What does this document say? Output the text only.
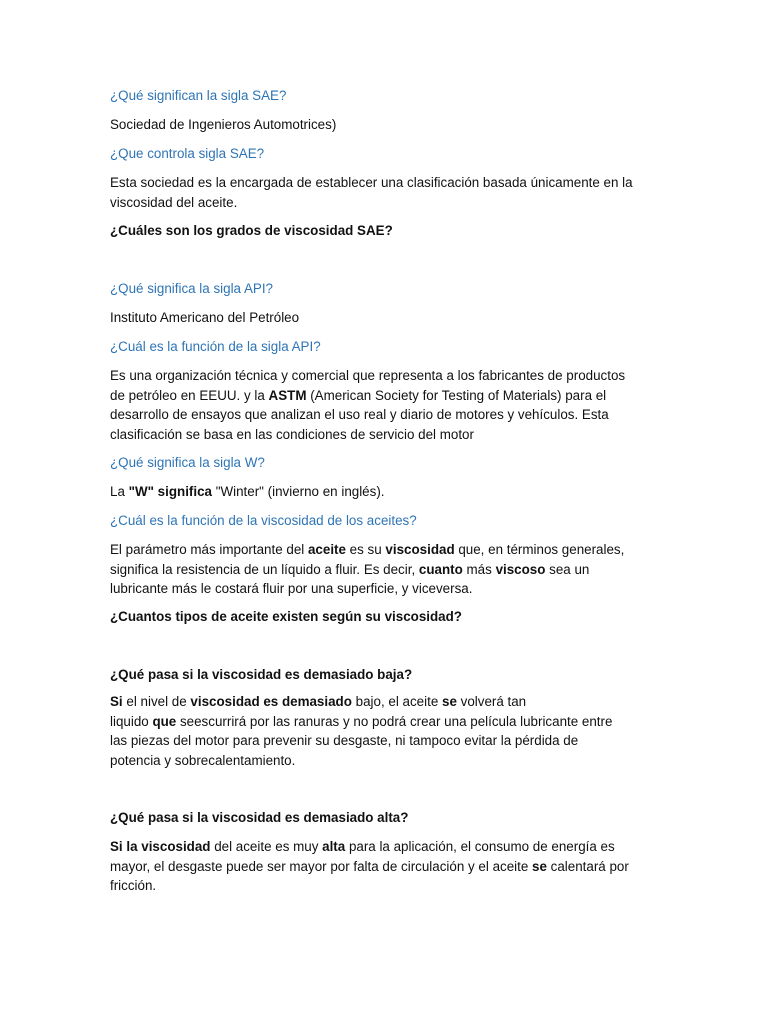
¿Qué significan la sigla SAE?

Sociedad de Ingenieros Automotrices)

¿Que controla sigla SAE?

Esta sociedad es la encargada de establecer una clasificación basada únicamente en la
viscosidad del aceite.

¿Cuáles son los grados de viscosidad SAE?

¿Qué significa la sigla API?

Instituto Americano del Petróleo

¿Cuál es la función de la sigla API?

Es una organización técnica y comercial que representa a los fabricantes de productos
de petróleo en EEUU. y la ASTM (American Society for Testing of Materials) para el
desarrollo de ensayos que analizan el uso real y diario de motores y vehículos. Esta
clasificación se basa en las condiciones de servicio del motor

¿Qué significa la sigla W?

La "W" significa "Winter" (invierno en inglés).

¿Cuál es la función de la viscosidad de los aceites?

El parámetro más importante del aceite es su viscosidad que, en términos generales,
significa la resistencia de un líquido a fluir. Es decir, cuanto más viscoso sea un
lubricante más le costará fluir por una superficie, y viceversa.

¿Cuantos tipos de aceite existen según su viscosidad?

¿Qué pasa si la viscosidad es demasiado baja?

Si el nivel de viscosidad es demasiado bajo, el aceite se volverá tan
liquido que seescurrirá por las ranuras y no podrá crear una película lubricante entre
las piezas del motor para prevenir su desgaste, ni tampoco evitar la pérdida de
potencia y sobrecalentamiento.

¿Qué pasa si la viscosidad es demasiado alta?

Si la viscosidad del aceite es muy alta para la aplicación, el consumo de energía es
mayor, el desgaste puede ser mayor por falta de circulación y el aceite se calentará por
fricción.
